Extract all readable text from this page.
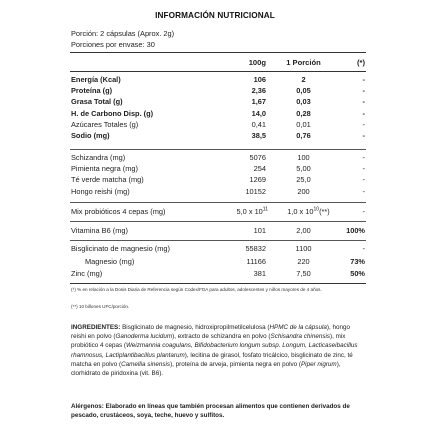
INFORMACIÓN NUTRICIONAL
Porción: 2 cápsulas (Aprox. 2g)
Porciones por envase: 30
100g	1 Porción	(*)
Energía (Kcal)	106	2	-
Proteína (g)	2,36	0,05	-
Grasa Total (g)	1,67	0,03	-
H. de Carbono Disp. (g)	14,0	0,28	-
Azúcares Totales (g)	0,41	0,01	-
Sodio (mg)	38,5	0,76	-
Schizandra (mg)	5076	100	-
Pimienta negra (mg)	254	5,00	-
Té verde matcha (mg)	1269	25,0	-
Hongo reishi (mg)	10152	200	-
Mix probióticos 4 cepas (mg)	5,0 x $10^{11}$	1,0 x $10^{10}(**)$	-
Vitamina B6 (mg)	101	2,00	100%
Bisglicinato de magnesio (mg)	55832	1100	-
Magnesio (mg)	11166	220	73%
Zinc (mg)	381	7,50	50%
(*) % en relación a la Dosis Diaria de Referencia según Codex/FDA para adultos, adolescentes y niños mayores de 4 años.
(**) 10 billones UFC/porción.
INGREDIENTES: Bisglicinato de magnesio, hidroxipropilmetilcelulosa (HPMC de la cápsula), hongo reishi en polvo (Ganoderma lucidum), extracto de schizandra en polvo (Schisandra chinensis), mix probiótico 4 cepas (Weizmannia coagulans, Bifidobacterium longum subsp. Longum, Lacticaseibacillus rhamnosus, Lactiplantibacillus plantarum), lecitina de girasol, fosfato tricálcico, bisglicinato de zinc, té matcha en polvo (Camellia sinensis), proteína de arveja, pimienta negra en polvo (Piper nigrum), clorhidrato de piridoxina (vit. B6).
Alérgenos: Elaborado en líneas que también procesan alimentos que contienen derivados de pescado, crustáceos, soya, teche, huevo y sulfitos.
